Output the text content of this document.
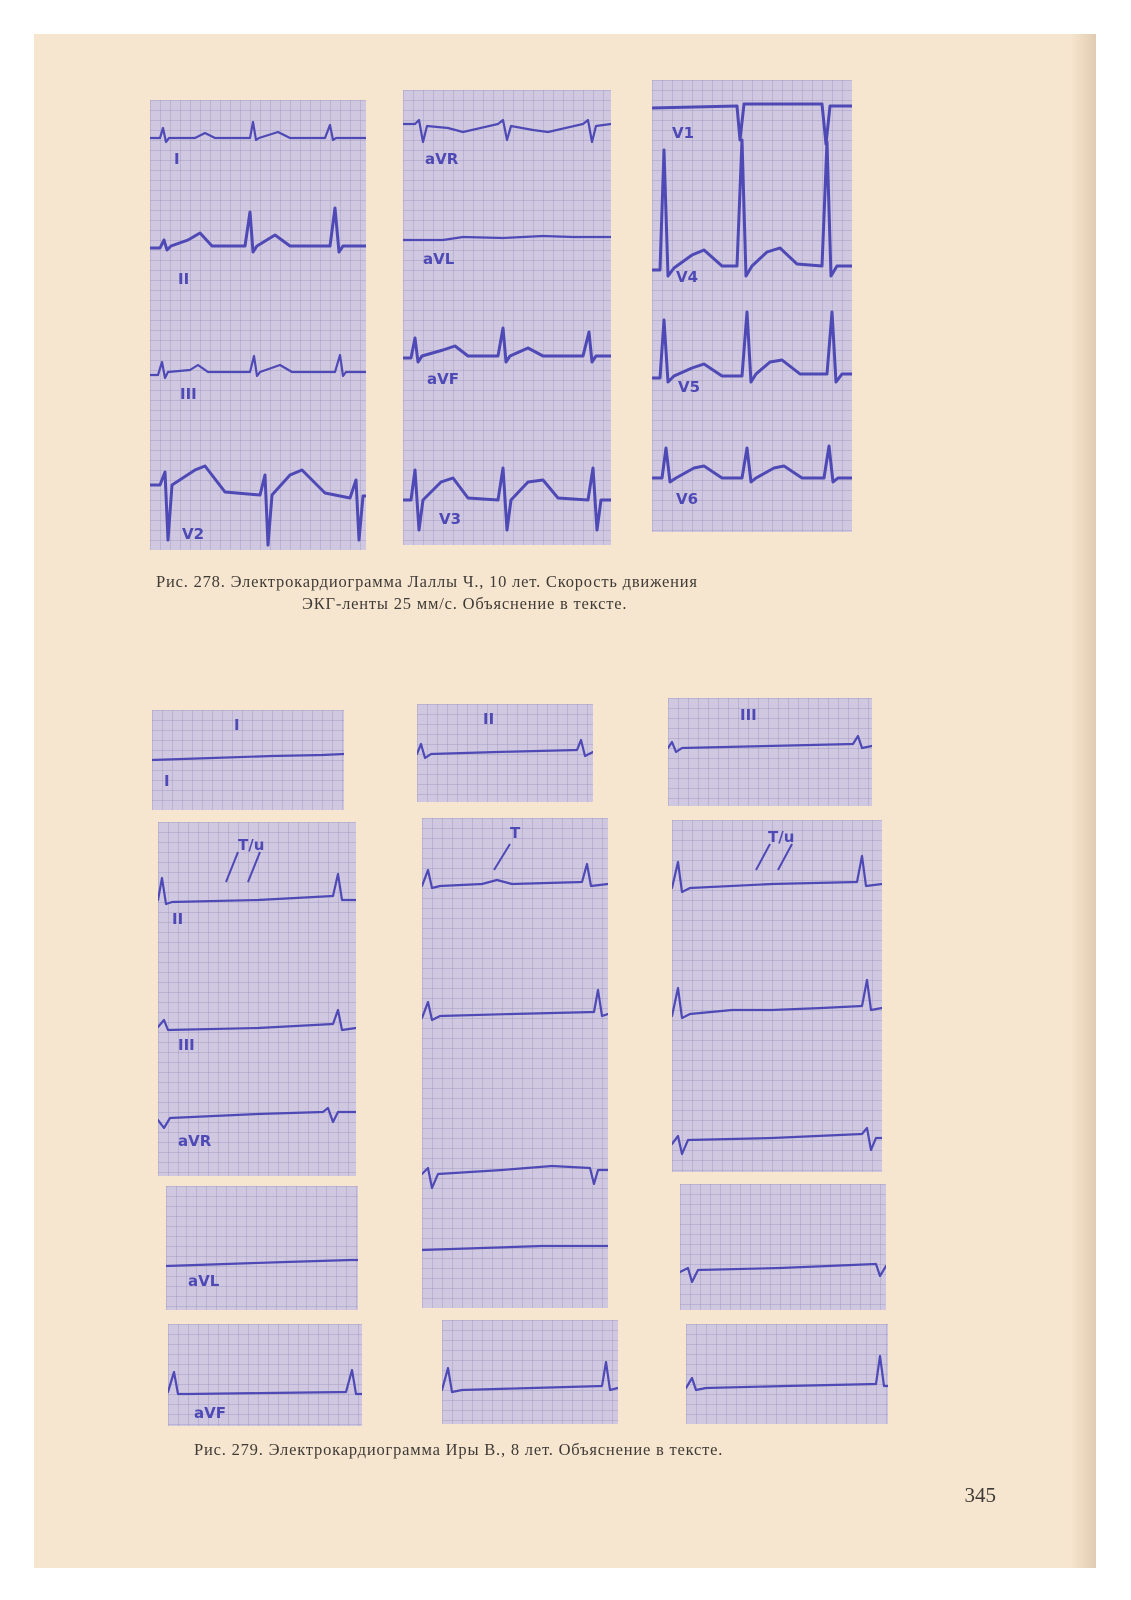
I
II
III
V2
aVR
aVL
aVF
V3
V1
V4
V5
V6
Рис. 278. Электрокардиограмма Лаллы Ч., 10 лет. Скорость движения
ЭКГ-ленты 25 мм/с. Объяснение в тексте.
I
I
T/u
II
III
aVR
aVL
aVF
II
T
III
T/u
Рис. 279. Электрокардиограмма Иры В., 8 лет. Объяснение в тексте.
345
